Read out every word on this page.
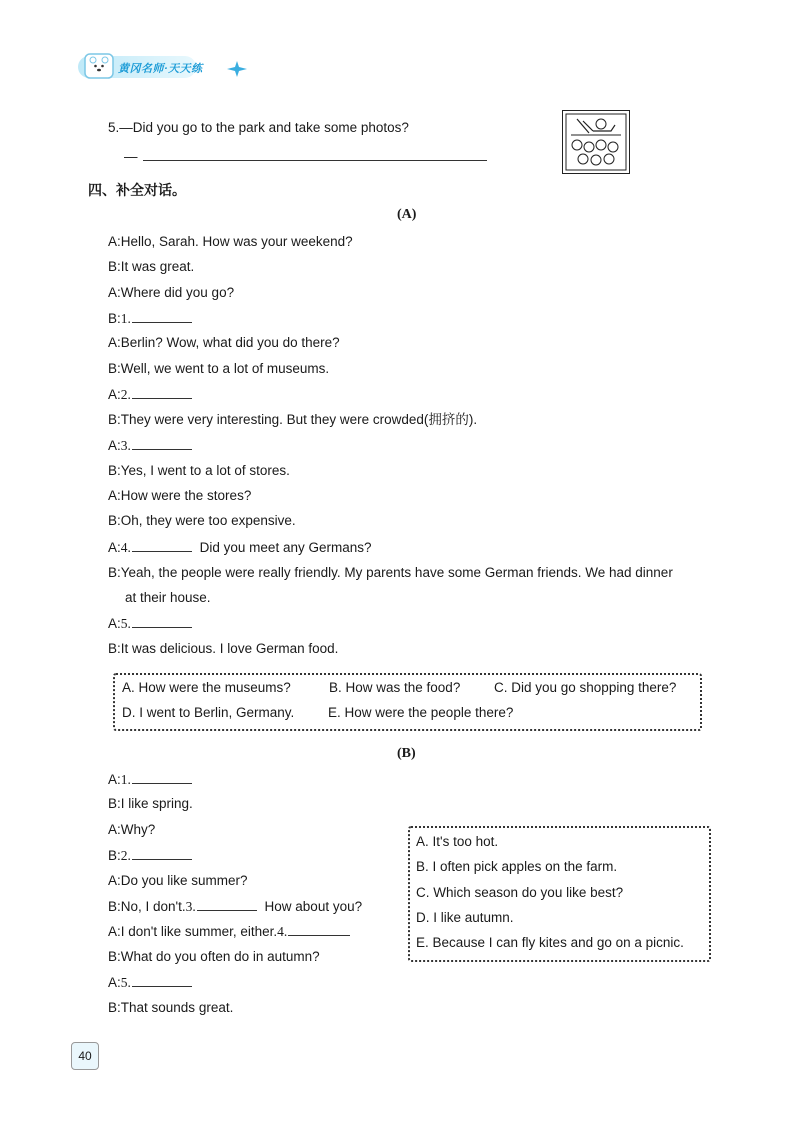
黄冈名师·天天练
5.—Did you go to the park and take some photos?
—
四、补全对话。
(A)
A:Hello, Sarah. How was your weekend?
B:It was great.
A:Where did you go?
B:1.
A:Berlin? Wow, what did you do there?
B:Well, we went to a lot of museums.
A:2.
B:They were very interesting. But they were crowded(拥挤的).
A:3.
B:Yes, I went to a lot of stores.
A:How were the stores?
B:Oh, they were too expensive.
A:4.	Did you meet any Germans?
B:Yeah, the people were really friendly. My parents have some German friends. We had dinner
at their house.
A:5.
B:It was delicious. I love German food.
A. How were the museums?	B. How was the food? C. Did you go shopping there?
D. I went to Berlin, Germany. E. How were the people there?
(B)
A:1.
B:I like spring.
A:Why?
B:2.
A:Do you like summer?
B:No, I don't.3.	How about you?
A:I don't like summer, either.4.
B:What do you often do in autumn?
A:5.
B:That sounds great.
A. It's too hot.
B. I often pick apples on the farm.
C. Which season do you like best?
D. I like autumn.
E. Because I can fly kites and go on a picnic.
40
